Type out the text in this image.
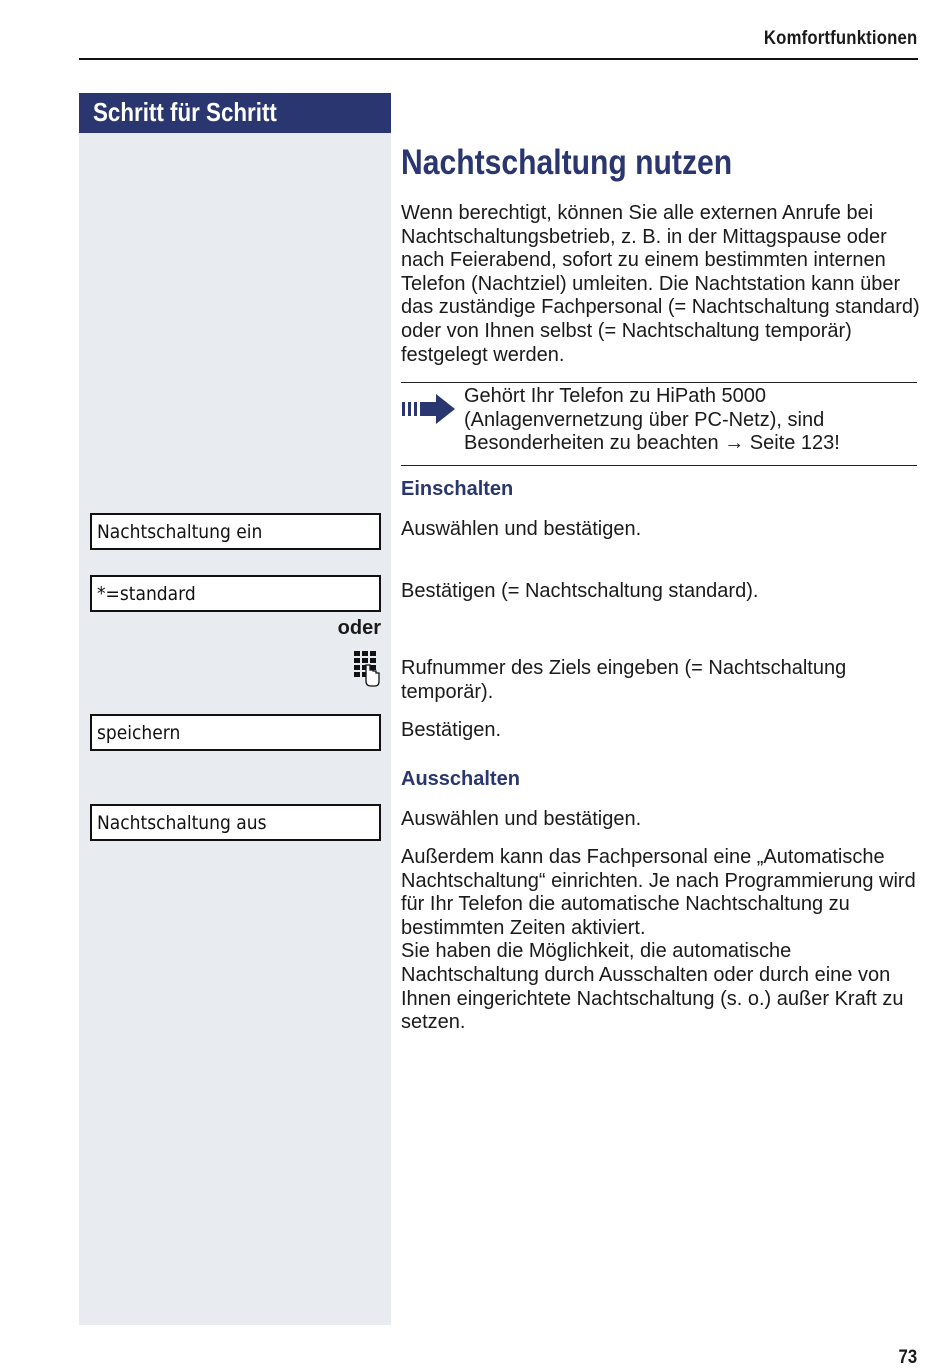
Komfortfunktionen
Schritt für Schritt
Nachtschaltung ein
*=standard
oder
speichern
Nachtschaltung aus
Nachtschaltung nutzen
Wenn berechtigt, können Sie alle externen Anrufe bei Nachtschaltungsbetrieb, z. B. in der Mittagspause oder nach Feierabend, sofort zu einem bestimmten internen Telefon (Nachtziel) umleiten. Die Nachtstation kann über das zuständige Fachpersonal (= Nachtschaltung standard) oder von Ihnen selbst (= Nachtschaltung temporär) festgelegt werden.
Gehört Ihr Telefon zu HiPath 5000 (Anlagenvernetzung über PC-Netz), sind Besonderheiten zu beachten → Seite 123!
Einschalten
Auswählen und bestätigen.
Bestätigen (= Nachtschaltung standard).
Rufnummer des Ziels eingeben (= Nachtschaltung temporär).
Bestätigen.
Ausschalten
Auswählen und bestätigen.
Außerdem kann das Fachpersonal eine „Automatische Nachtschaltung“ einrichten. Je nach Programmierung wird für Ihr Telefon die automatische Nachtschaltung zu bestimmten Zeiten aktiviert.
Sie haben die Möglichkeit, die automatische Nachtschaltung durch Ausschalten oder durch eine von Ihnen eingerichtete Nachtschaltung (s. o.) außer Kraft zu setzen.
73
